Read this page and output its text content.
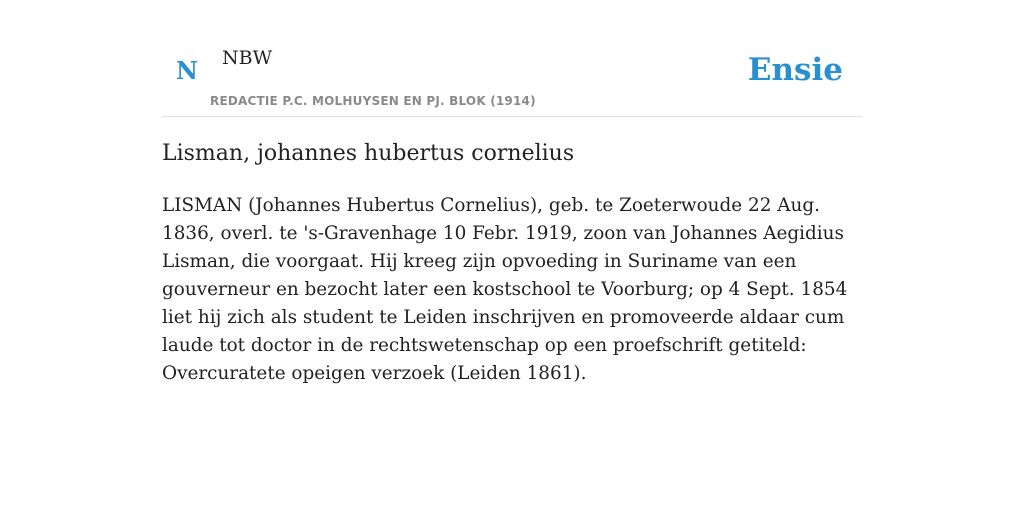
N NBW
REDACTIE P.C. MOLHUYSEN EN PJ. BLOK (1914)
Ensie
Lisman, johannes hubertus cornelius

LISMAN (Johannes Hubertus Cornelius), geb. te Zoeterwoude 22 Aug. 1836, overl. te 's-Gravenhage 10 Febr. 1919, zoon van Johannes Aegidius Lisman, die voorgaat. Hij kreeg zijn opvoeding in Suriname van een gouverneur en bezocht later een kostschool te Voorburg; op 4 Sept. 1854 liet hij zich als student te Leiden inschrijven en promoveerde aldaar cum laude tot doctor in de rechtswetenschap op een proefschrift getiteld: Overcuratete opeigen verzoek (Leiden 1861).
